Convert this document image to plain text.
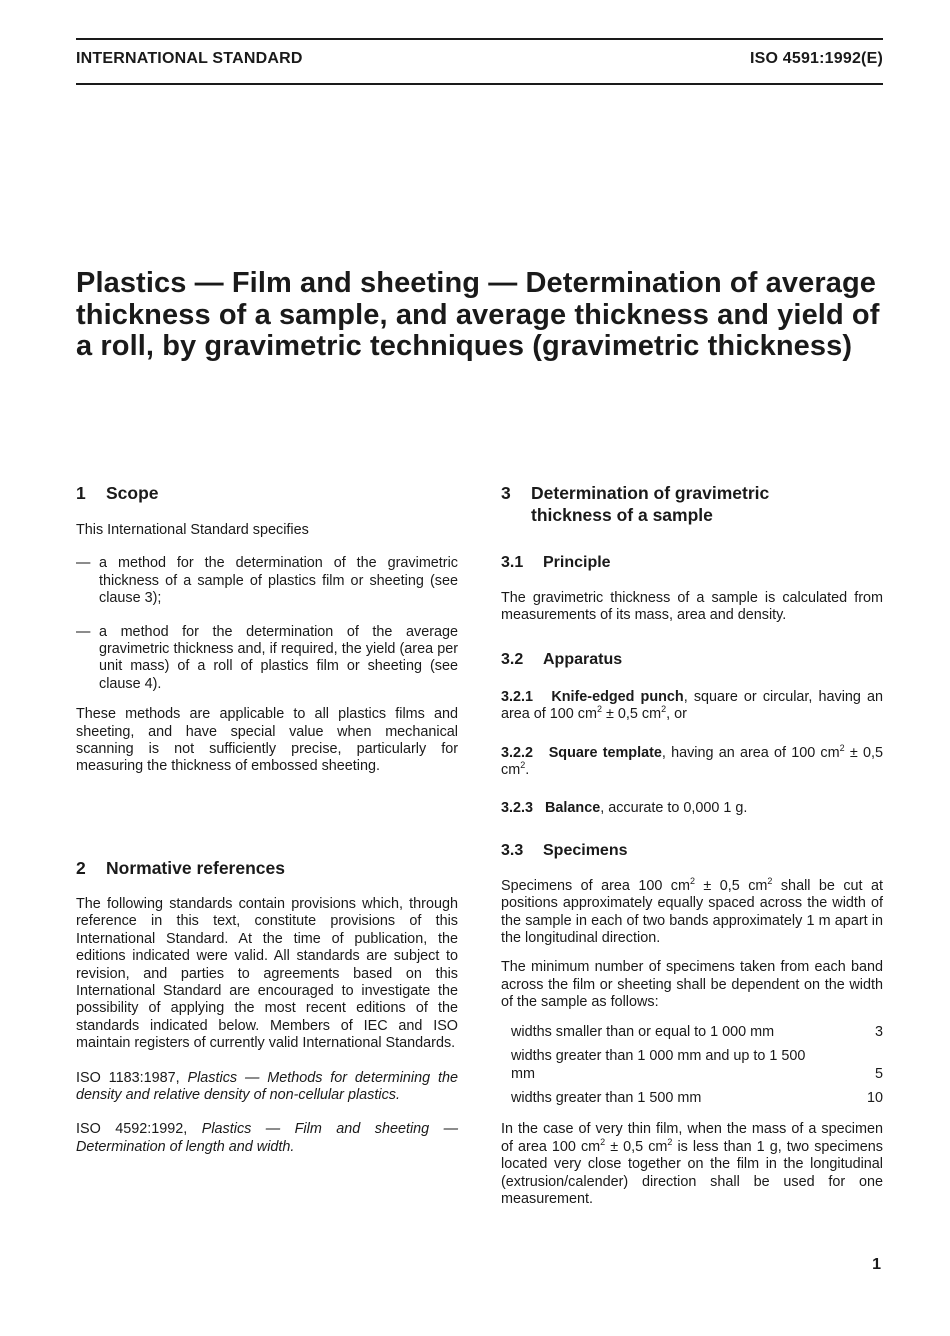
INTERNATIONAL STANDARD	ISO 4591:1992(E)
Plastics — Film and sheeting — Determination of average thickness of a sample, and average thickness and yield of a roll, by gravimetric techniques (gravimetric thickness)
1 Scope

This International Standard specifies

— a method for the determination of the gravimetric thickness of a sample of plastics film or sheeting (see clause 3);
— a method for the determination of the average gravimetric thickness and, if required, the yield (area per unit mass) of a roll of plastics film or sheeting (see clause 4).

These methods are applicable to all plastics films and sheeting, and have special value when mechanical scanning is not sufficiently precise, particularly for measuring the thickness of embossed sheeting.

2 Normative references

The following standards contain provisions which, through reference in this text, constitute provisions of this International Standard. At the time of publication, the editions indicated were valid. All standards are subject to revision, and parties to agreements based on this International Standard are encouraged to investigate the possibility of applying the most recent editions of the standards indicated below. Members of IEC and ISO maintain registers of currently valid International Standards.

ISO 1183:1987, Plastics — Methods for determining the density and relative density of non-cellular plastics.

ISO 4592:1992, Plastics — Film and sheeting — Determination of length and width.

3	Determination of gravimetric thickness of a sample
3.1 Principle

The gravimetric thickness of a sample is calculated from measurements of its mass, area and density.

3.2 Apparatus

3.2.1 Knife-edged punch, square or circular, having an area of 100 $cm^2 \pm 0,5$ $cm^2$, or

3.2.2 Square template, having an area of 100 $cm^2 \pm 0,5$ $cm^2$.

3.2.3 Balance, accurate to 0,000 1 g.

3.3 Specimens

Specimens of area 100 $cm^2 \pm 0,5$ $cm^2$ shall be cut at positions approximately equally spaced across the width of the sample in each of two bands approximately 1 m apart in the longitudinal direction.

The minimum number of specimens taken from each band across the film or sheeting shall be dependent on the width of the sample as follows:

widths smaller than or equal to 1 000 mm	3
widths greater than 1 000 mm and up to 1 500 mm	5
widths greater than 1 500 mm	10

In the case of very thin film, when the mass of a specimen of area 100 $cm^2 \pm 0,5$ $cm^2$ is less than 1 g, two specimens located very close together on the film in the longitudinal (extrusion/calender) direction shall be used for one measurement.

1
